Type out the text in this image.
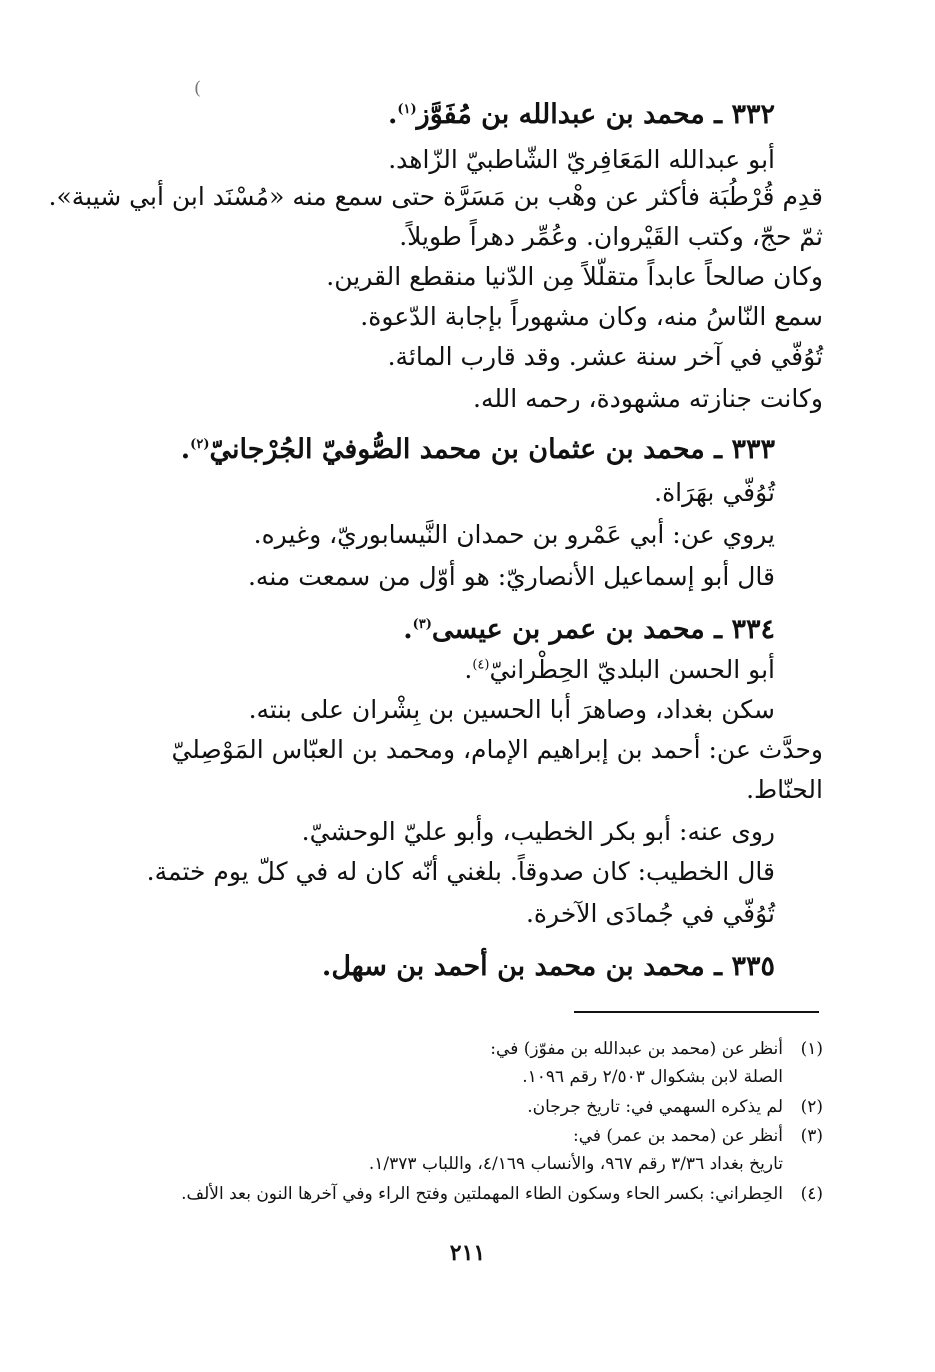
(
٣٣٢ ـ محمد بن عبدالله بن مُفَوَّز$^{(١)}$.
أبو عبدالله المَعَافِريّ الشّاطبيّ الزّاهد.
قدِم قُرْطُبَة فأكثر عن وهْب بن مَسَرَّة حتى سمع منه «مُسْنَد ابن أبي شيبة».
ثمّ حجّ، وكتب القَيْروان. وعُمِّر دهراً طويلاً.
وكان صالحاً عابداً متقلّلاً مِن الدّنيا منقطع القرين.
سمع النّاسُ منه، وكان مشهوراً بإجابة الدّعوة.
تُوُفّي في آخر سنة عشر. وقد قارب المائة.
وكانت جنازته مشهودة، رحمه الله.
٣٣٣ ـ محمد بن عثمان بن محمد الصُّوفيّ الجُرْجانيّ$^{(٢)}$.
تُوُفّي بهَرَاة.
يروي عن: أبي عَمْرو بن حمدان النَّيسابوريّ، وغيره.
قال أبو إسماعيل الأنصاريّ: هو أوّل من سمعت منه.
٣٣٤ ـ محمد بن عمر بن عيسى$^{(٣)}$.
أبو الحسن البلديّ الحِطْرانيّ$^{(٤)}$.
سكن بغداد، وصاهرَ أبا الحسين بن بِشْران على بنته.
وحدَّث عن: أحمد بن إبراهيم الإمام، ومحمد بن العبّاس المَوْصِليّ
الحنّاط.
روى عنه: أبو بكر الخطيب، وأبو عليّ الوحشيّ.
قال الخطيب: كان صدوقاً. بلغني أنّه كان له في كلّ يوم ختمة.
تُوُفّي في جُمادَى الآخرة.
٣٣٥ ـ محمد بن محمد بن أحمد بن سهل.
(١)أنظر عن (محمد بن عبدالله بن مفوّز) في:
الصلة لابن بشكوال ٢/٥٠٣ رقم ١٠٩٦.
(٢)لم يذكره السهمي في: تاريخ جرجان.
(٣)أنظر عن (محمد بن عمر) في:
تاريخ بغداد ٣/٣٦ رقم ٩٦٧، والأنساب ٤/١٦٩، واللباب ١/٣٧٣.
(٤)الحِطراني: بكسر الحاء وسكون الطاء المهملتين وفتح الراء وفي آخرها النون بعد الألف.
٢١١
